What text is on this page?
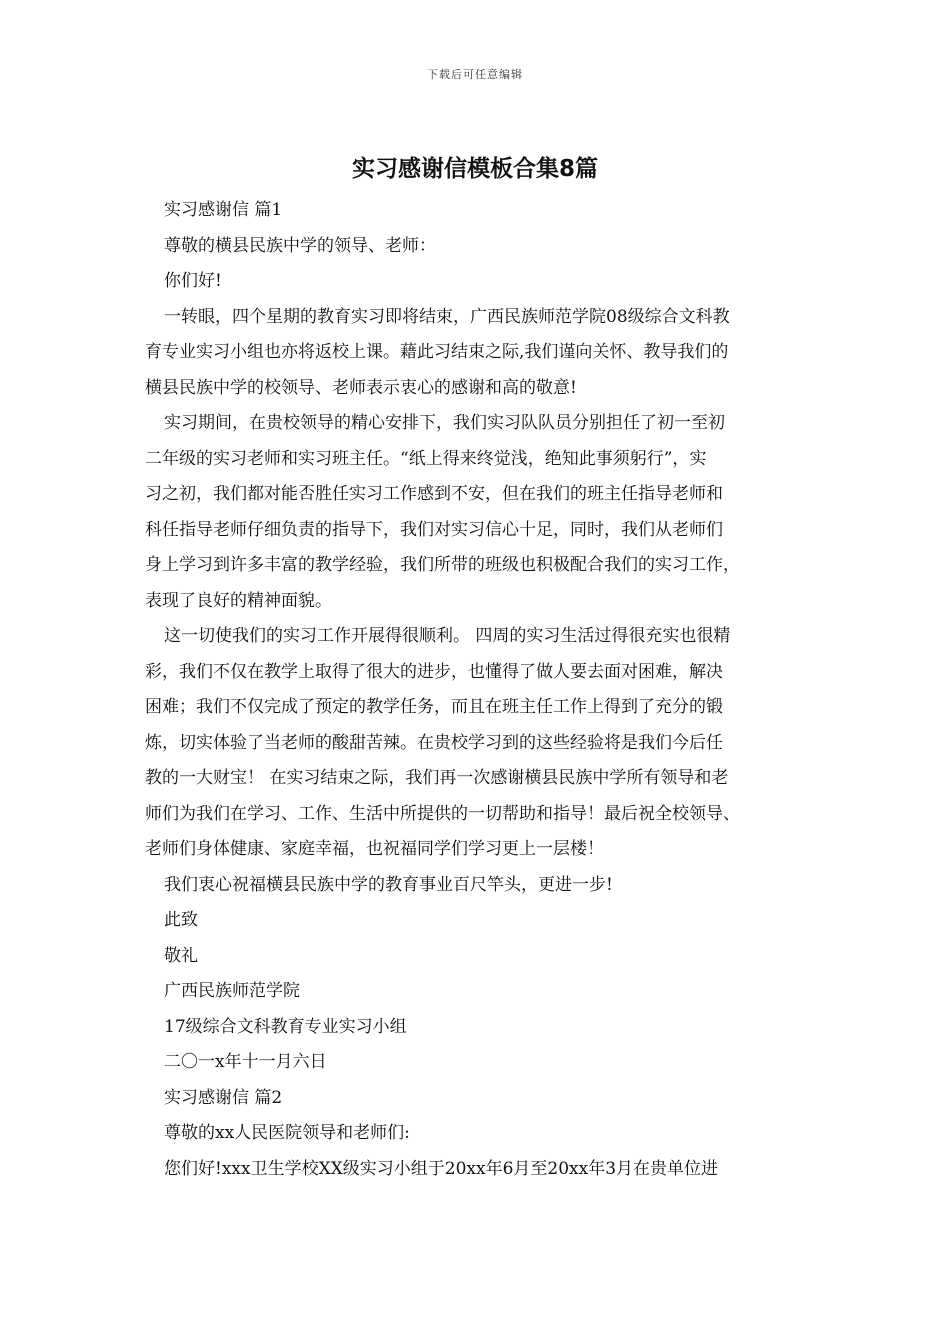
下载后可任意编辑
实习感谢信模板合集8篇
实习感谢信 篇1
尊敬的横县民族中学的领导、老师：
你们好!
一转眼，四个星期的教育实习即将结束，广西民族师范学院08级综合文科教
育专业实习小组也亦将返校上课。藉此习结束之际,我们谨向关怀、教导我们的
横县民族中学的校领导、老师表示衷心的感谢和高的敬意!
实习期间，在贵校领导的精心安排下，我们实习队队员分别担任了初一至初
二年级的实习老师和实习班主任。“纸上得来终觉浅，绝知此事须躬行”，实
习之初，我们都对能否胜任实习工作感到不安，但在我们的班主任指导老师和
科任指导老师仔细负责的指导下，我们对实习信心十足，同时，我们从老师们
身上学习到许多丰富的教学经验，我们所带的班级也积极配合我们的实习工作，
表现了良好的精神面貌。
这一切使我们的实习工作开展得很顺利。 四周的实习生活过得很充实也很精
彩，我们不仅在教学上取得了很大的进步，也懂得了做人要去面对困难，解决
困难；我们不仅完成了预定的教学任务，而且在班主任工作上得到了充分的锻
炼，切实体验了当老师的酸甜苦辣。在贵校学习到的这些经验将是我们今后任
教的一大财宝！ 在实习结束之际，我们再一次感谢横县民族中学所有领导和老
师们为我们在学习、工作、生活中所提供的一切帮助和指导！最后祝全校领导、
老师们身体健康、家庭幸福，也祝福同学们学习更上一层楼！
我们衷心祝福横县民族中学的教育事业百尺竿头，更进一步!
此致
敬礼
广西民族师范学院
17级综合文科教育专业实习小组
二〇一x年十一月六日
实习感谢信 篇2
尊敬的xx人民医院领导和老师们:
您们好!xxx卫生学校XX级实习小组于20xx年6月至20xx年3月在贵单位进
